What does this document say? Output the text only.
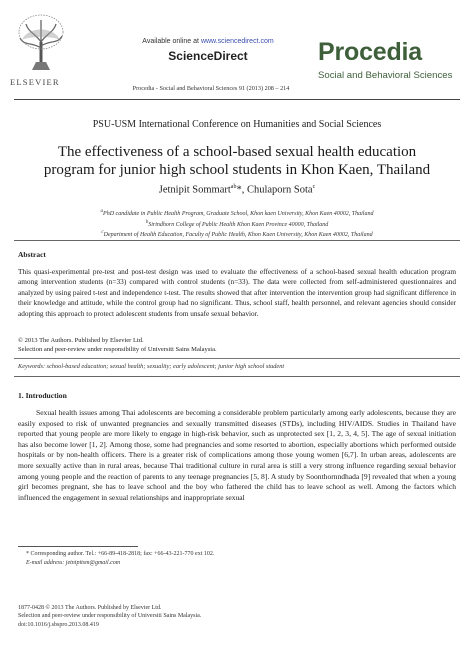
ELSEVIER
Available online at www.sciencedirect.com
ScienceDirect
Procedia - Social and Behavioral Sciences 91 (2013) 208 – 214
Procedia
Social and Behavioral Sciences
PSU-USM International Conference on Humanities and Social Sciences
The effectiveness of a school-based sexual health education
program for junior high school students in Khon Kaen, Thailand
Jetnipit Sommart$^{ab}$*, Chulaporn Sota$^c$
$^a$PhD candidate in Public Health Program, Graduate School, Khon kaen University, Khon Kaen 40002, Thailand
$^b$Sirindhorn College of Public Health Khon Kaen Province 40000, Thailand
$^c$Department of Health Education, Faculty of Public Health, Khon Kaen University, Khon Kaen 40002, Thailand
Abstract
This quasi-experimental pre-test and post-test design was used to evaluate the effectiveness of a school-based sexual health education program among intervention students (n=33) compared with control students (n=33). The data were collected from self-administered questionnaires and analyzed by using paired t-test and independence t-test. The results showed that after intervention the intervention group had significant difference in their knowledge and attitude, while the control group had no significant. Thus, school staff, health personnel, and relevant agencies should consider adopting this approach to protect adolescent students from unsafe sexual behavior.
© 2013 The Authors. Published by Elsevier Ltd.
Selection and peer-review under responsibility of Universiti Sains Malaysia.
Keywords: school-based education; sexual health; sexuality; early adolescent; junior high school student
1. Introduction
Sexual health issues among Thai adolescents are becoming a considerable problem particularly among early adolescents, because they are easily exposed to risk of unwanted pregnancies and sexually transmitted diseases (STDs), including HIV/AIDS. Studies in Thailand have reported that young people are more likely to engage in high-risk behavior, such as unprotected sex [1, 2, 3, 4, 5]. The age of sexual initiation has also become lower [1, 2]. Among those, some had pregnancies and some resorted to abortion, especially abortions which performed outside hospitals or by non-health officers. There is a greater risk of complications among those young women [6,7]. In urban areas, adolescents are more sexually active than in rural areas, because Thai traditional culture in rural area is still a very strong influence regarding sexual behavior among young people and the reaction of parents to any teenage pregnancies [5, 8]. A study by Soonthornndhada [9] revealed that when a young girl becomes pregnant, she has to leave school and the boy who fathered the child has to leave school as well. Among the factors which influenced the engagement in sexual relationships and inappropriate sexual
* Corresponding author. Tel.: +66-89-418-2818; fax: +66-43-221-770 ext 102.
E-mail address: jetnipitsm@gmail.com
1877-0428 © 2013 The Authors. Published by Elsevier Ltd.
Selection and peer-review under responsibility of Universiti Sains Malaysia.
doi:10.1016/j.sbspro.2013.08.419
